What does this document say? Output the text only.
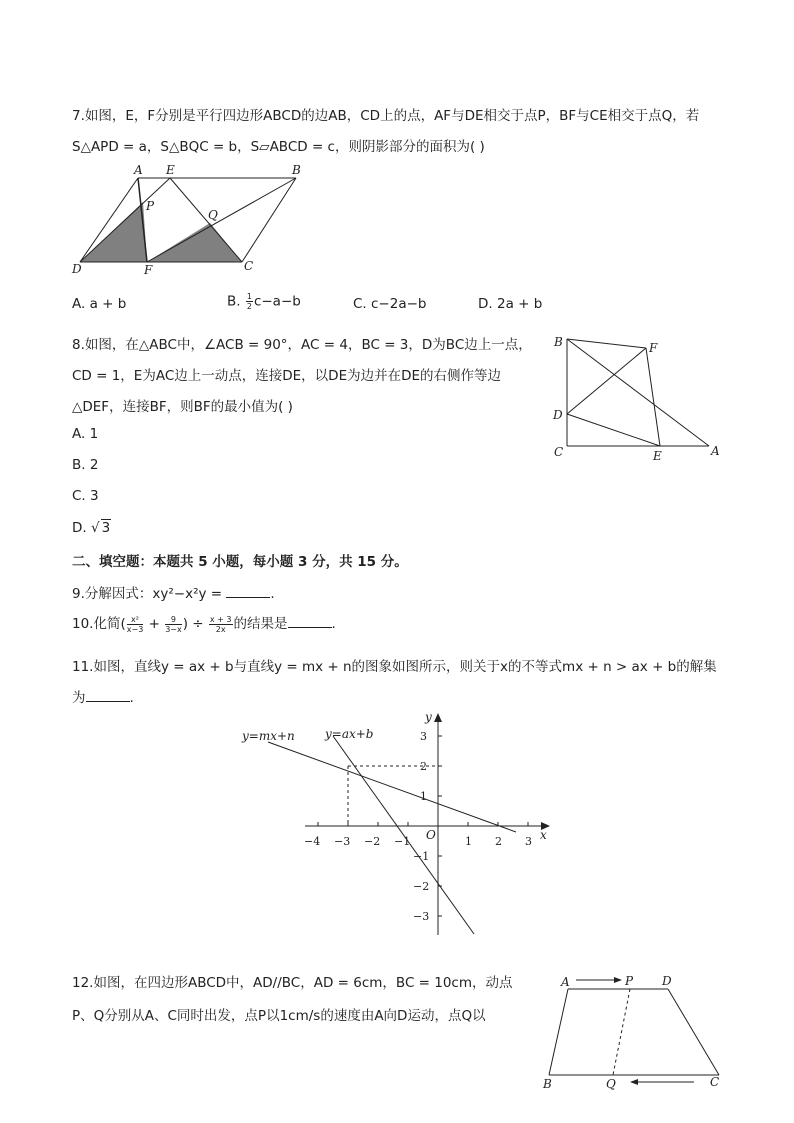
7.如图，E，F分别是平行四边形ABCD的边AB，CD上的点，AF与DE相交于点P，BF与CE相交于点Q，若
S△APD = a，S△BQC = b，S▱ABCD = c，则阴影部分的面积为( )
A E	B
P
Q
D	F	C
A. a + b	B. $\frac{1}{2} c-a-b$	C. c−2a−b	D. 2a + b
8.如图，在△ABC中，∠ACB = 90°，AC = 4，BC = 3，D为BC边上一点，
CD = 1，E为AC边上一动点，连接DE，以DE为边并在DE的右侧作等边
△DEF，连接BF，则BF的最小值为( )
A. 1
B. 2
C. 3
D. √ 3
B	F
D
C	E	A
二、填空题：本题共 5 小题，每小题 3 分，共 15 分。
9.分解因式：xy²−x²y =	.
10.化简( $\frac{\text{x²}}{x-3} + \frac{9}{3-x}$ ) ÷ $\frac{x + 3}{2x}$ 的结果是	.
11.如图，直线y = ax + b与直线y = mx + n的图象如图所示，则关于x的不等式mx + n > ax + b的解集
为	.
−4 −3 −2 −1	1 2 3
3
2
1
−1
−2
−3
O	x
y
y=mx+n	y=ax+b
12.如图，在四边形ABCD中，AD//BC，AD = 6cm，BC = 10cm，动点
P、Q分别从A、C同时出发，点P以1cm/s的速度由A向D运动，点Q以
A	P D
B	Q	C
